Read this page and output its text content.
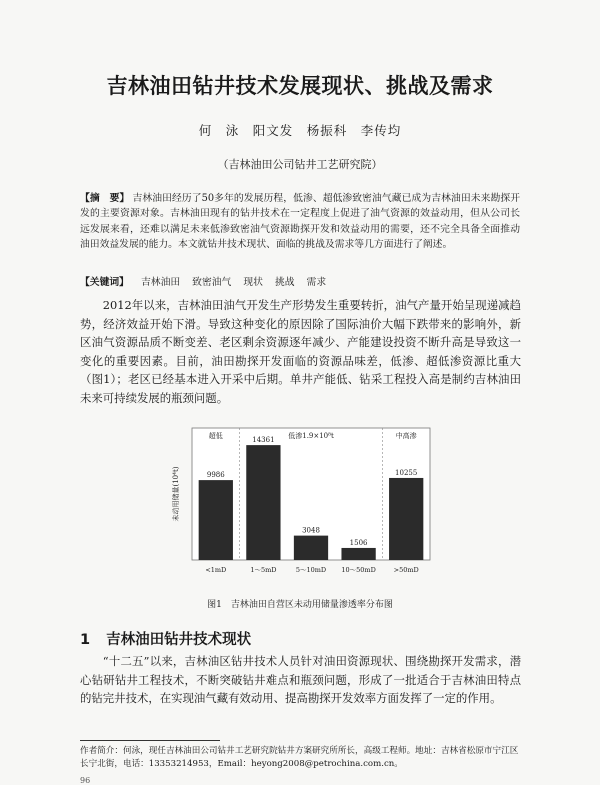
吉林油田钻井技术发展现状、挑战及需求
何　泳　阳文发　杨振科　李传均
（吉林油田公司钻井工艺研究院）
【摘　要】 吉林油田经历了50多年的发展历程，低渗、超低渗致密油气藏已成为吉林油田未来勘探开发的主要资源对象。吉林油田现有的钻井技术在一定程度上促进了油气资源的效益动用，但从公司长远发展来看，还难以满足未来低渗致密油气资源勘探开发和效益动用的需要，还不完全具备全面推动油田效益发展的能力。本文就钻井技术现状、面临的挑战及需求等几方面进行了阐述。
【关键词】 吉林油田 致密油气 现状 挑战 需求
2012年以来，吉林油田油气开发生产形势发生重要转折，油气产量开始呈现递减趋势，经济效益开始下滑。导致这种变化的原因除了国际油价大幅下跌带来的影响外，新区油气资源品质不断变差、老区剩余资源逐年减少、产能建设投资不断升高是导致这一变化的重要因素。目前，油田勘探开发面临的资源品味差，低渗、超低渗资源比重大（图1）；老区已经基本进入开采中后期。单井产能低、钻采工程投入高是制约吉林油田未来可持续发展的瓶颈问题。
超低	低渗1.9×10⁸t	中高渗
9986
<1mD
14361
1～5mD
3048
5～10mD
1506
10～50mD
10255
>50mD
未动用储量(10⁴t)
图1　吉林油田自营区未动用储量渗透率分布图
1 吉林油田钻井技术现状
“十二五”以来，吉林油区钻井技术人员针对油田资源现状、围绕勘探开发需求，潜心钻研钻井工程技术，不断突破钻井难点和瓶颈问题，形成了一批适合于吉林油田特点的钻完井技术，在实现油气藏有效动用、提高勘探开发效率方面发挥了一定的作用。
作者简介：何泳，现任吉林油田公司钻井工艺研究院钻井方案研究所所长，高级工程师。地址：吉林省松原市宁江区长宁北街，电话：13353214953，Email：heyong2008@petrochina.com.cn。
96
